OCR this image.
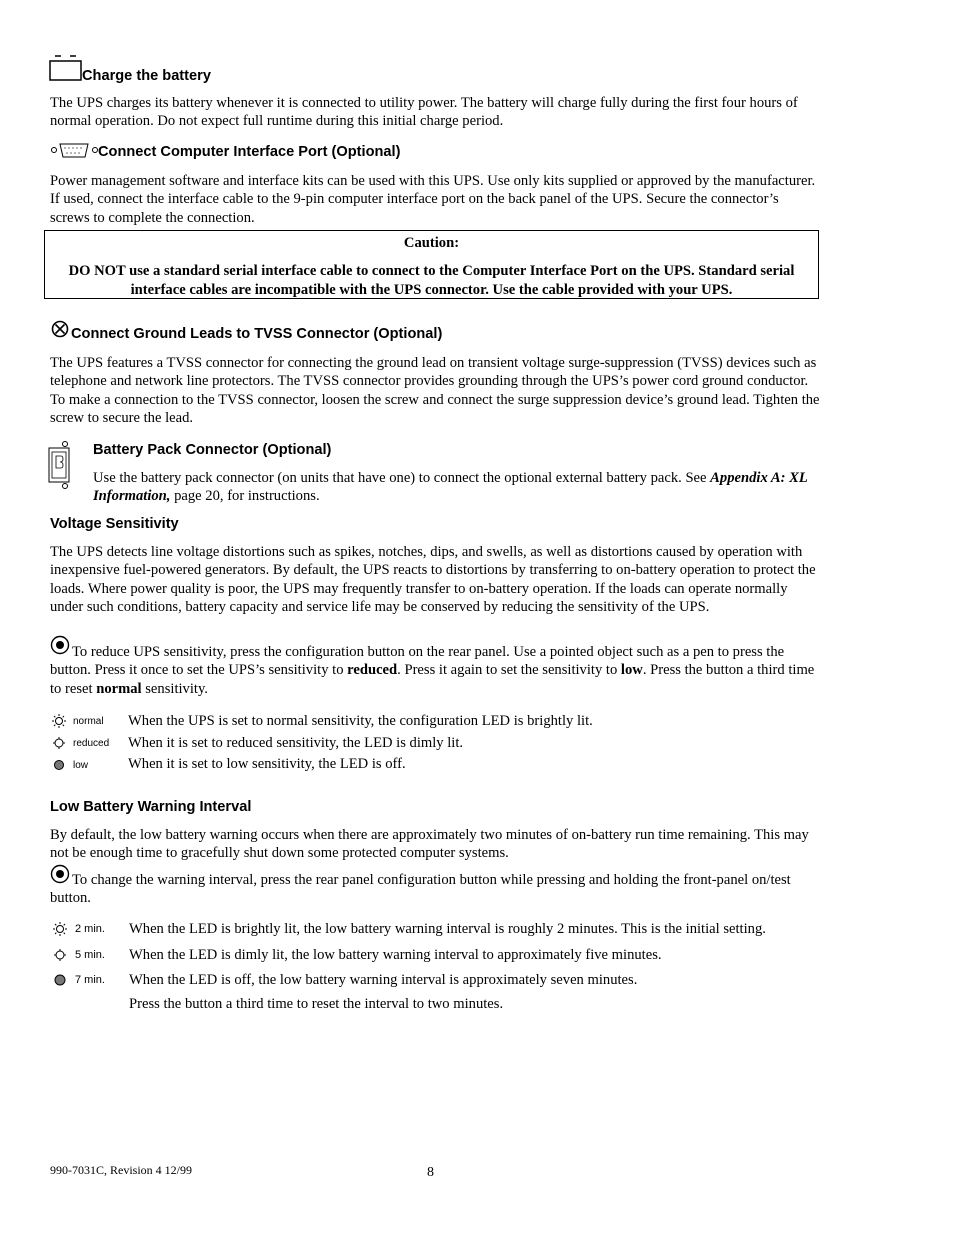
Charge the battery
The UPS charges its battery whenever it is connected to utility power. The battery will charge fully during the first four hours of normal operation. Do not expect full runtime during this initial charge period.
Connect Computer Interface Port (Optional)
Power management software and interface kits can be used with this UPS. Use only kits supplied or approved by the manufacturer. If used, connect the interface cable to the 9-pin computer interface port on the back panel of the UPS. Secure the connector’s screws to complete the connection.
Caution:
DO NOT use a standard serial interface cable to connect to the Computer Interface Port on the UPS. Standard serial interface cables are incompatible with the UPS connector. Use the cable provided with your UPS.
Connect Ground Leads to TVSS Connector (Optional)
The UPS features a TVSS connector for connecting the ground lead on transient voltage surge-suppression (TVSS) devices such as telephone and network line protectors. The TVSS connector provides grounding through the UPS’s power cord ground conductor. To make a connection to the TVSS connector, loosen the screw and connect the surge suppression device’s ground lead. Tighten the screw to secure the lead.
Battery Pack Connector (Optional)
Use the battery pack connector (on units that have one) to connect the optional external battery pack. See Appendix A: XL Information, page 20, for instructions.
Voltage Sensitivity
The UPS detects line voltage distortions such as spikes, notches, dips, and swells, as well as distortions caused by operation with inexpensive fuel-powered generators. By default, the UPS reacts to distortions by transferring to on-battery operation to protect the loads. Where power quality is poor, the UPS may frequently transfer to on-battery operation. If the loads can operate normally under such conditions, battery capacity and service life may be conserved by reducing the sensitivity of the UPS.
To reduce UPS sensitivity, press the configuration button on the rear panel. Use a pointed object such as a pen to press the button. Press it once to set the UPS’s sensitivity to reduced. Press it again to set the sensitivity to low. Press the button a third time to reset normal sensitivity.
normal When the UPS is set to normal sensitivity, the configuration LED is brightly lit.
reduced When it is set to reduced sensitivity, the LED is dimly lit.
low	When it is set to low sensitivity, the LED is off.
Low Battery Warning Interval
By default, the low battery warning occurs when there are approximately two minutes of on-battery run time remaining. This may not be enough time to gracefully shut down some protected computer systems.
To change the warning interval, press the rear panel configuration button while pressing and holding the front-panel on/test button.
2 min. When the LED is brightly lit, the low battery warning interval is roughly 2 minutes. This is the initial setting.
5 min. When the LED is dimly lit, the low battery warning interval to approximately five minutes.
7 min. When the LED is off, the low battery warning interval is approximately seven minutes.
Press the button a third time to reset the interval to two minutes.
990-7031C, Revision 4 12/99	8
